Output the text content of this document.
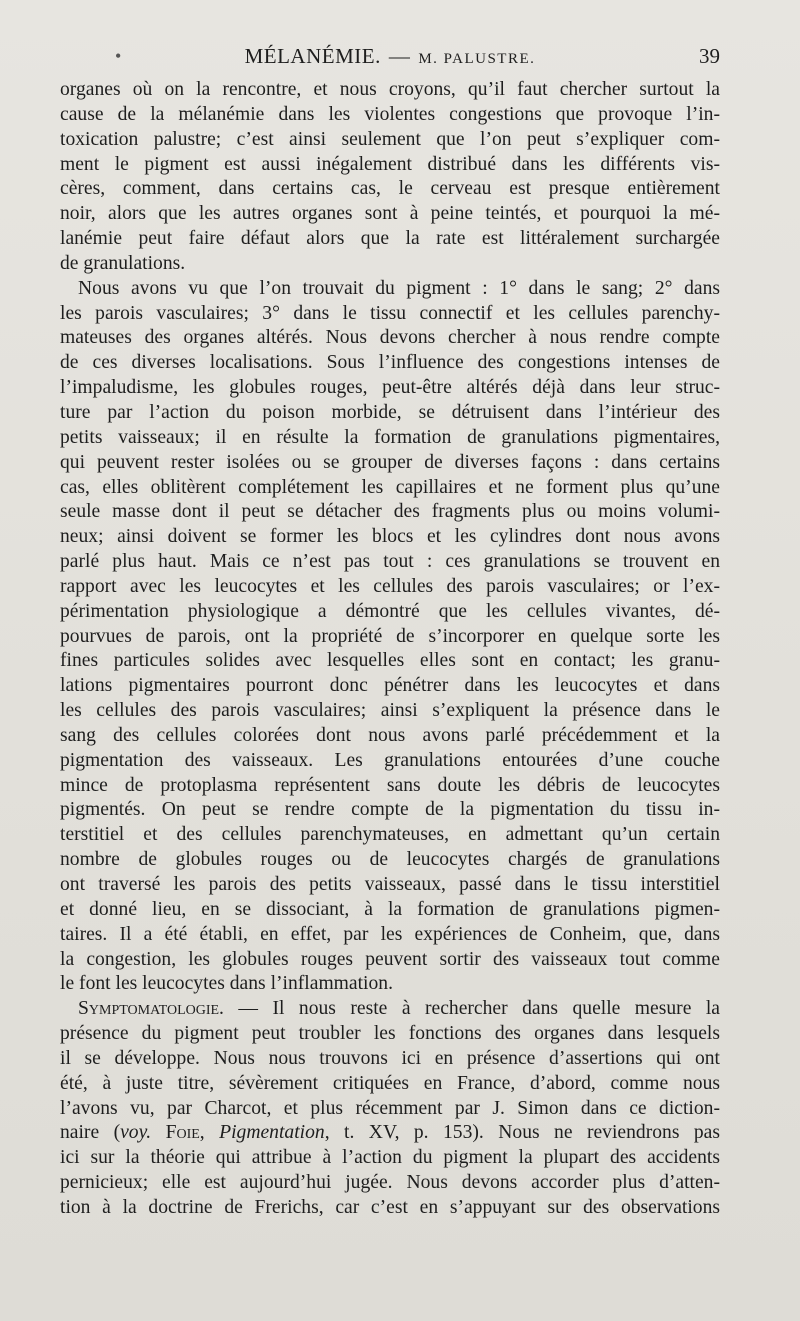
•	MÉLANÉMIE. — M. PALUSTRE.	39
organes où on la rencontre, et nous croyons, qu’il faut chercher surtout la
cause de la mélanémie dans les violentes congestions que provoque l’in-
toxication palustre; c’est ainsi seulement que l’on peut s’expliquer com-
ment le pigment est aussi inégalement distribué dans les différents vis-
cères, comment, dans certains cas, le cerveau est presque entièrement
noir, alors que les autres organes sont à peine teintés, et pourquoi la mé-
lanémie peut faire défaut alors que la rate est littéralement surchargée
de granulations.
Nous avons vu que l’on trouvait du pigment : 1° dans le sang; 2° dans
les parois vasculaires; 3° dans le tissu connectif et les cellules parenchy-
mateuses des organes altérés. Nous devons chercher à nous rendre compte
de ces diverses localisations. Sous l’influence des congestions intenses de
l’impaludisme, les globules rouges, peut-être altérés déjà dans leur struc-
ture par l’action du poison morbide, se détruisent dans l’intérieur des
petits vaisseaux; il en résulte la formation de granulations pigmentaires,
qui peuvent rester isolées ou se grouper de diverses façons : dans certains
cas, elles oblitèrent complétement les capillaires et ne forment plus qu’une
seule masse dont il peut se détacher des fragments plus ou moins volumi-
neux; ainsi doivent se former les blocs et les cylindres dont nous avons
parlé plus haut. Mais ce n’est pas tout : ces granulations se trouvent en
rapport avec les leucocytes et les cellules des parois vasculaires; or l’ex-
périmentation physiologique a démontré que les cellules vivantes, dé-
pourvues de parois, ont la propriété de s’incorporer en quelque sorte les
fines particules solides avec lesquelles elles sont en contact; les granu-
lations pigmentaires pourront donc pénétrer dans les leucocytes et dans
les cellules des parois vasculaires; ainsi s’expliquent la présence dans le
sang des cellules colorées dont nous avons parlé précédemment et la
pigmentation des vaisseaux. Les granulations entourées d’une couche
mince de protoplasma représentent sans doute les débris de leucocytes
pigmentés. On peut se rendre compte de la pigmentation du tissu in-
terstitiel et des cellules parenchymateuses, en admettant qu’un certain
nombre de globules rouges ou de leucocytes chargés de granulations
ont traversé les parois des petits vaisseaux, passé dans le tissu interstitiel
et donné lieu, en se dissociant, à la formation de granulations pigmen-
taires. Il a été établi, en effet, par les expériences de Conheim, que, dans
la congestion, les globules rouges peuvent sortir des vaisseaux tout comme
le font les leucocytes dans l’inflammation.
Symptomatologie. — Il nous reste à rechercher dans quelle mesure la
présence du pigment peut troubler les fonctions des organes dans lesquels
il se développe. Nous nous trouvons ici en présence d’assertions qui ont
été, à juste titre, sévèrement critiquées en France, d’abord, comme nous
l’avons vu, par Charcot, et plus récemment par J. Simon dans ce diction-
naire (voy. Foie, Pigmentation, t. XV, p. 153). Nous ne reviendrons pas
ici sur la théorie qui attribue à l’action du pigment la plupart des accidents
pernicieux; elle est aujourd’hui jugée. Nous devons accorder plus d’atten-
tion à la doctrine de Frerichs, car c’est en s’appuyant sur des observations
